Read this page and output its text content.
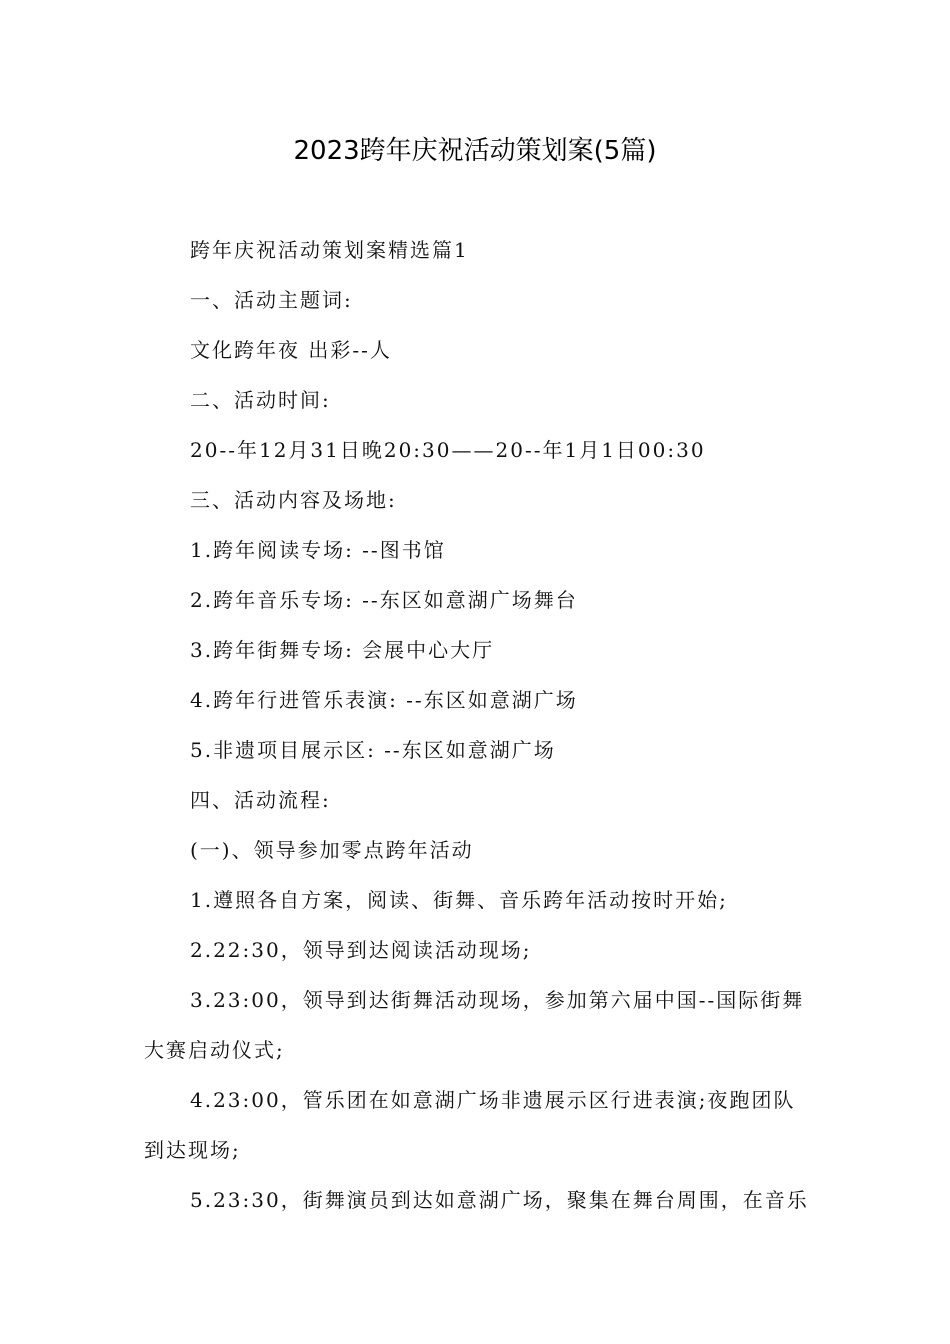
2023跨年庆祝活动策划案(5篇)
跨年庆祝活动策划案精选篇1
一、活动主题词:
文化跨年夜 出彩--人
二、活动时间:
20--年12月31日晚20:30——20--年1月1日00:30
三、活动内容及场地:
1.跨年阅读专场: --图书馆
2.跨年音乐专场: --东区如意湖广场舞台
3.跨年街舞专场: 会展中心大厅
4.跨年行进管乐表演: --东区如意湖广场
5.非遗项目展示区: --东区如意湖广场
四、活动流程:
(一)、领导参加零点跨年活动
1.遵照各自方案，阅读、街舞、音乐跨年活动按时开始;
2.22:30，领导到达阅读活动现场;
3.23:00，领导到达街舞活动现场，参加第六届中国--国际街舞
大赛启动仪式;
4.23:00，管乐团在如意湖广场非遗展示区行进表演;夜跑团队
到达现场;
5.23:30，街舞演员到达如意湖广场，聚集在舞台周围，在音乐
